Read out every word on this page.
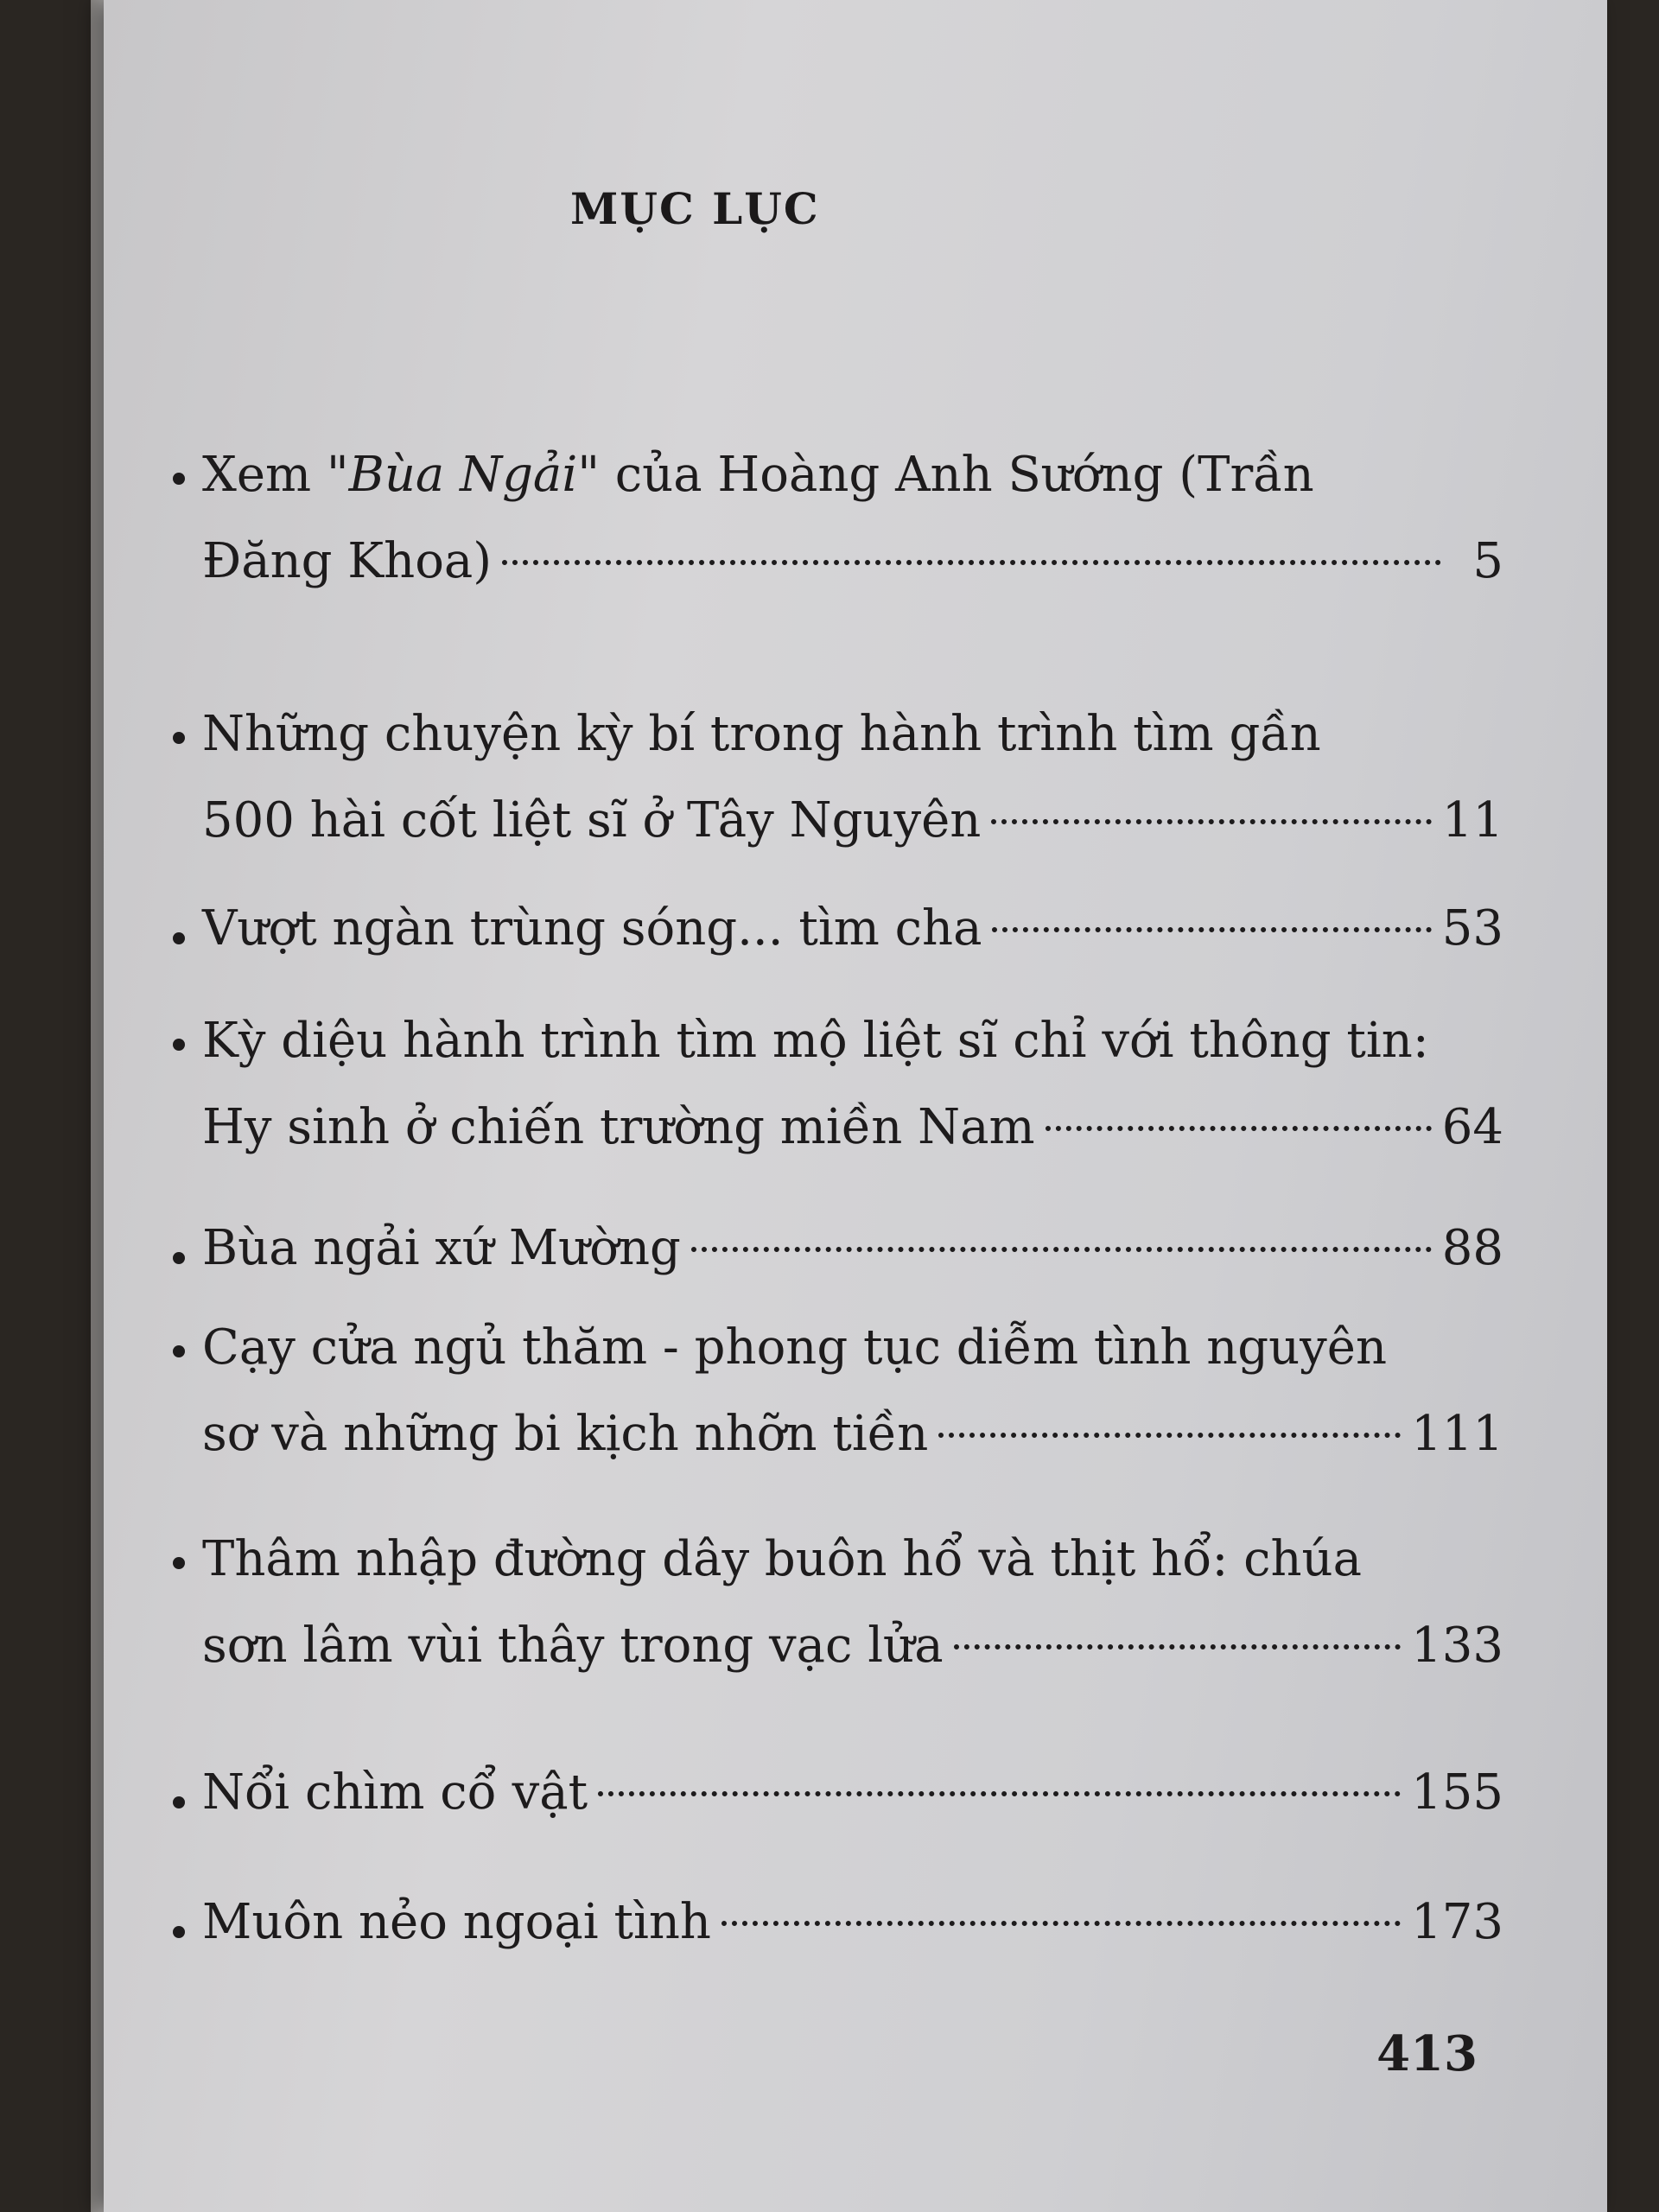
MỤC LỤC
Xem "Bùa Ngải" của Hoàng Anh Sướng (Trần
Đăng Khoa)	5
Những chuyện kỳ bí trong hành trình tìm gần
500 hài cốt liệt sĩ ở Tây Nguyên	11
Vượt ngàn trùng sóng... tìm cha	53
Kỳ diệu hành trình tìm mộ liệt sĩ chỉ với thông tin:
Hy sinh ở chiến trường miền Nam	64
Bùa ngải xứ Mường	88
Cạy cửa ngủ thăm - phong tục diễm tình nguyên
sơ và những bi kịch nhỡn tiền	111
Thâm nhập đường dây buôn hổ và thịt hổ: chúa
sơn lâm vùi thây trong vạc lửa	133
Nổi chìm cổ vật	155
Muôn nẻo ngoại tình	173
413
